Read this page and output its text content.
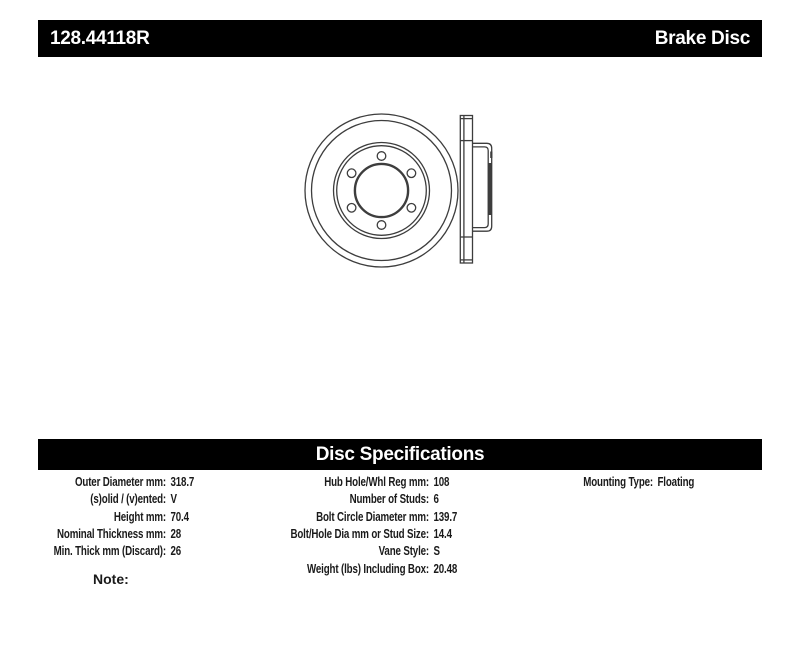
128.44118R	Brake Disc
Disc Specifications
Outer Diameter mm: 318.7
(s)olid / (v)ented: V
Height mm: 70.4
Nominal Thickness mm: 28
Min. Thick mm (Discard): 26
Hub Hole/Whl Reg mm: 108
Number of Studs: 6
Bolt Circle Diameter mm: 139.7
Bolt/Hole Dia mm or Stud Size: 14.4
Vane Style: S
Weight (lbs) Including Box: 20.48
Mounting Type: Floating
Note:
